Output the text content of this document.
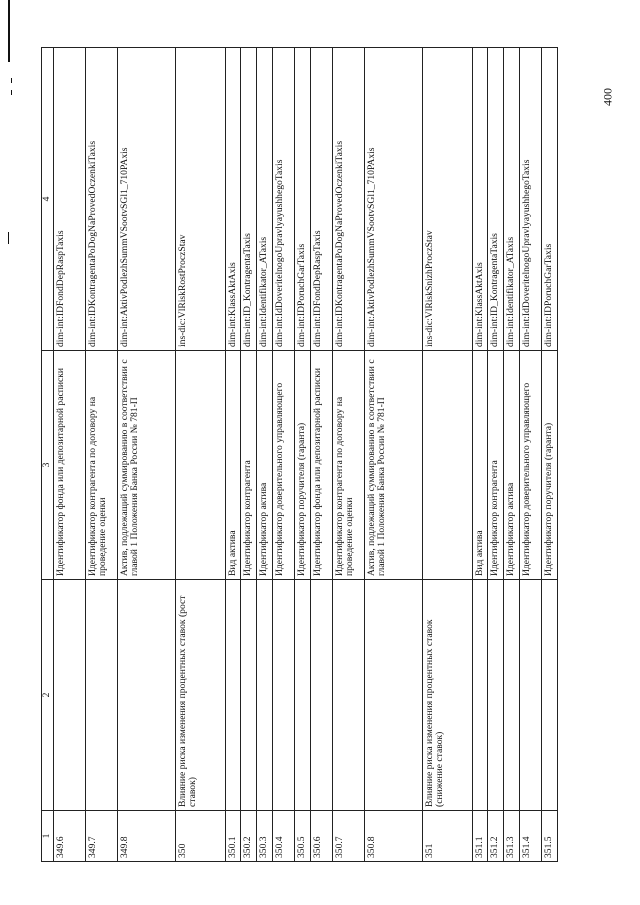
400
1	2	3	4
349.6		Идентификатор фонда или депозитарной расписки	dim-int:IDFondDepRaspTaxis
349.7		Идентификатор контрагента по договору на проведение оценки	dim-int:IDKontragentaPoDogNaProvedOczenkiTaxis
349.8		Актив, подлежащий суммированию в соответствии с главой 1 Положения Банка России № 781-П	dim-int:AktivPodlezhSummVSootvSGl1_710PAxis
350	Влияние риска изменения процентных ставок (рост ставок)		ins-dic:VlRiskRostProczStav
350.1		Вид актива	dim-int:KlassAktAxis
350.2		Идентификатор контрагента	dim-int:ID_KontragentaTaxis
350.3		Идентификатор актива	dim-int:Identifikator_ATaxis
350.4		Идентификатор доверительного управляющего	dim-int:IdDoveritelnogoUpravlyayushhegoTaxis
350.5		Идентификатор поручителя (гаранта)	dim-int:IDPoruchGarTaxis
350.6		Идентификатор фонда или депозитарной расписки	dim-int:IDFondDepRaspTaxis
350.7		Идентификатор контрагента по договору на проведение оценки	dim-int:IDKontragentaPoDogNaProvedOczenkiTaxis
350.8		Актив, подлежащий суммированию в соответствии с главой 1 Положения Банка России № 781-П	dim-int:AktivPodlezhSummVSootvSGl1_710PAxis
351	Влияние риска изменения процентных ставок (снижение ставок)		ins-dic:VlRiskSnizhProczStav
351.1		Вид актива	dim-int:KlassAktAxis
351.2		Идентификатор контрагента	dim-int:ID_KontragentaTaxis
351.3		Идентификатор актива	dim-int:Identifikator_ATaxis
351.4		Идентификатор доверительного управляющего	dim-int:IdDoveritelnogoUpravlyayushhegoTaxis
351.5		Идентификатор поручителя (гаранта)	dim-int:IDPoruchGarTaxis
